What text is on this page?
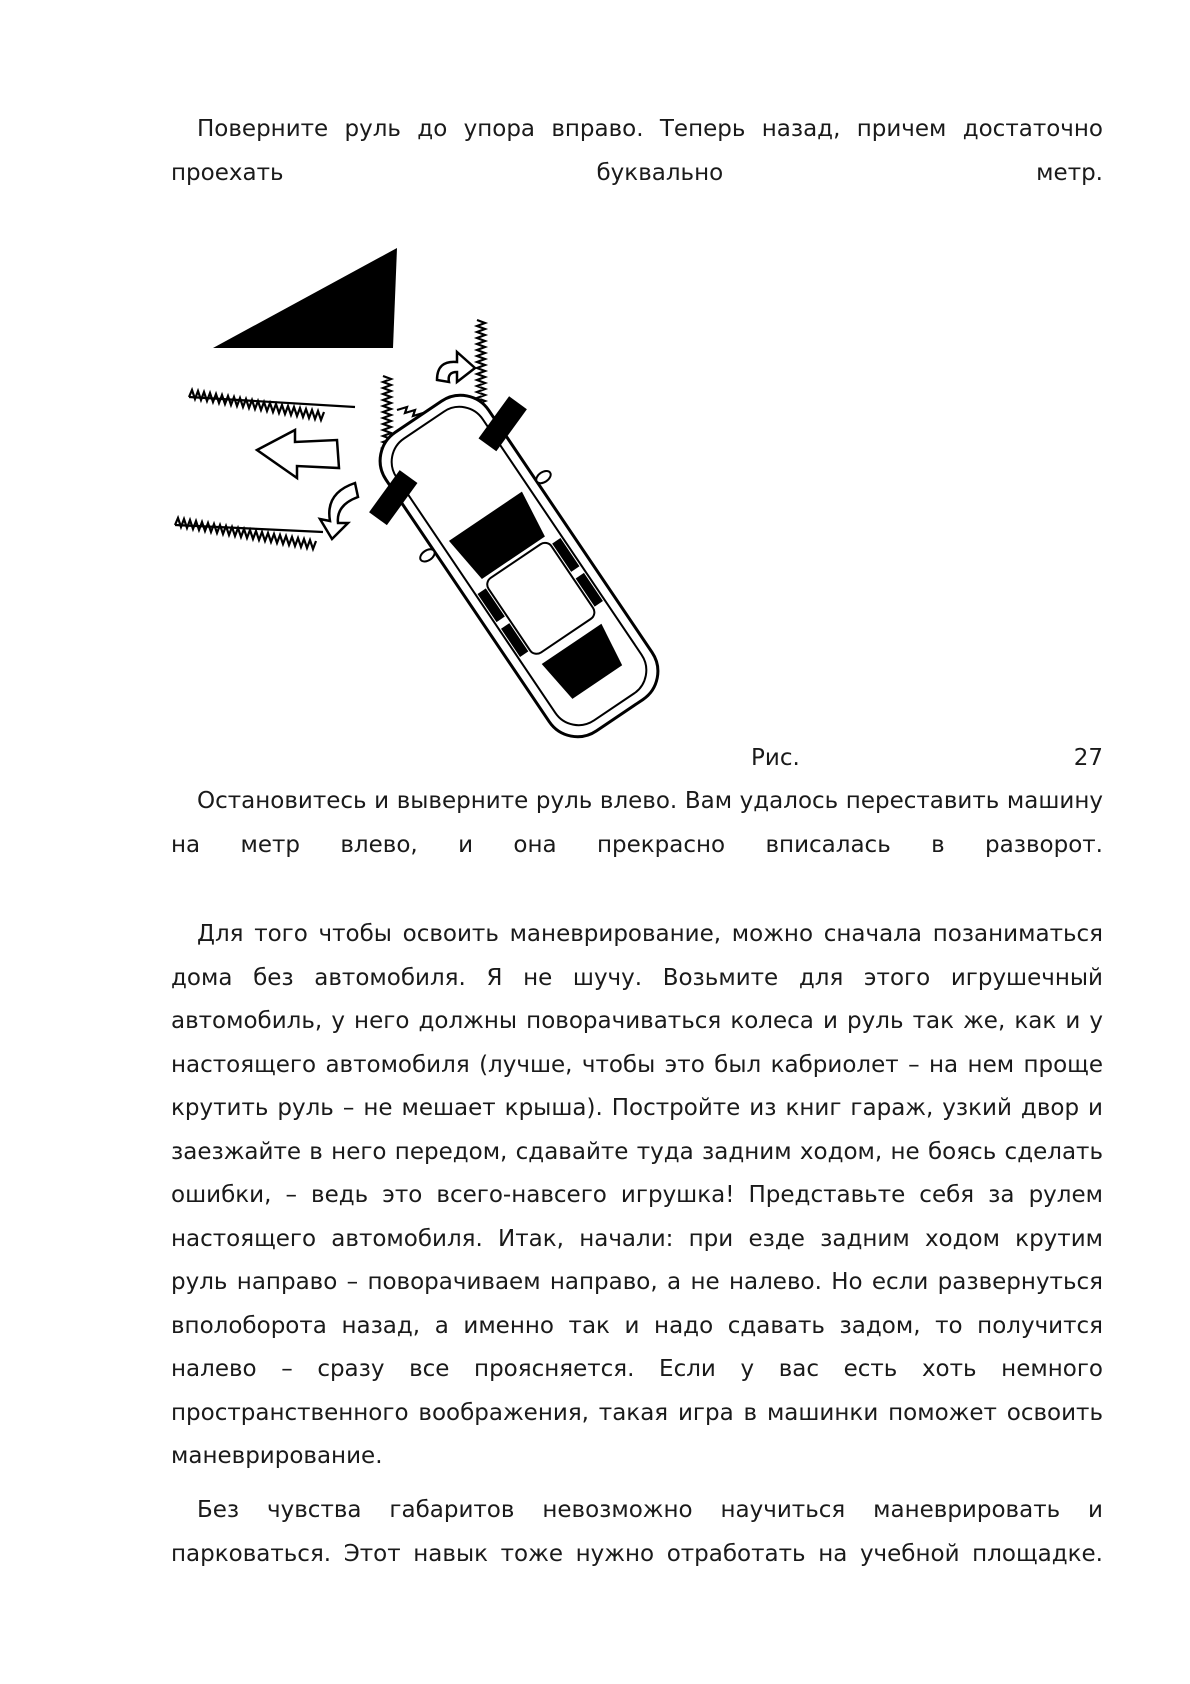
Поверните руль до упора вправо. Теперь назад, причем достаточно проехать буквально метр.

Рис.	27

Остановитесь и выверните руль влево. Вам удалось переставить машину на метр влево, и она прекрасно вписалась в разворот.

Для того чтобы освоить маневрирование, можно сначала позаниматься дома без автомобиля. Я не шучу. Возьмите для этого игрушечный автомобиль, у него должны поворачиваться колеса и руль так же, как и у настоящего автомобиля (лучше, чтобы это был кабриолет – на нем проще крутить руль – не мешает крыша). Постройте из книг гараж, узкий двор и заезжайте в него передом, сдавайте туда задним ходом, не боясь сделать ошибки, – ведь это всего-навсего игрушка! Представьте себя за рулем настоящего автомобиля. Итак, начали: при езде задним ходом крутим руль направо – поворачиваем направо, а не налево. Но если развернуться вполоборота назад, а именно так и надо сдавать задом, то получится налево – сразу все проясняется. Если у вас есть хоть немного пространственного воображения, такая игра в машинки поможет освоить маневрирование.

Без чувства габаритов невозможно научиться маневрировать и парковаться. Этот навык тоже нужно отработать на учебной площадке.
